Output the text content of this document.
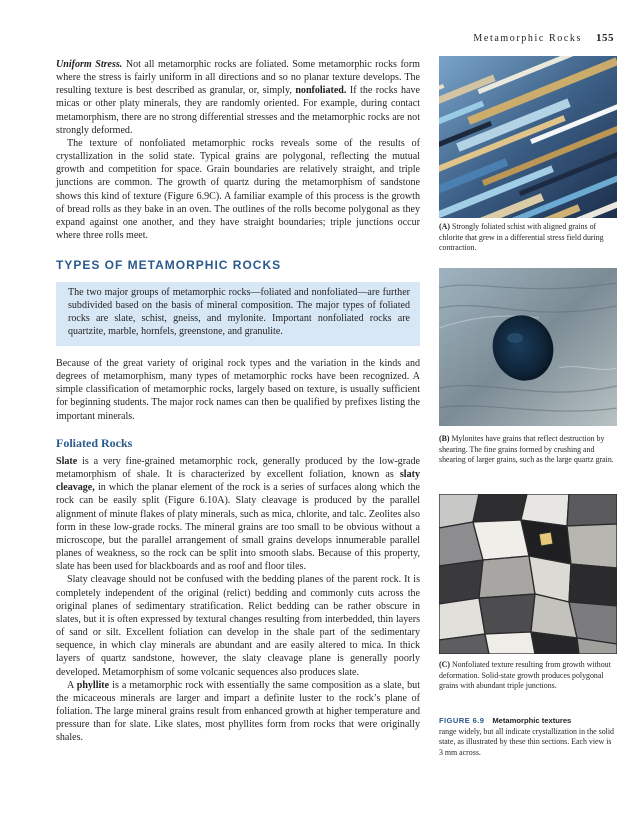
Metamorphic Rocks 155

Uniform Stress. Not all metamorphic rocks are foliated. Some metamorphic rocks form where the stress is fairly uniform in all directions and so no planar texture develops. The resulting texture is best described as granular, or, simply, nonfoliated. If the rocks have micas or other platy minerals, they are randomly oriented. For example, during contact metamorphism, there are no strong differential stresses and the metamorphic rocks are not strongly deformed.

The texture of nonfoliated metamorphic rocks reveals some of the results of crystallization in the solid state. Typical grains are polygonal, reflecting the mutual growth and competition for space. Grain boundaries are relatively straight, and triple junctions are common. The growth of quartz during the metamorphism of sandstone shows this kind of texture (Figure 6.9C). A familiar example of this process is the growth of bread rolls as they bake in an oven. The outlines of the rolls become polygonal as they expand against one another, and they have straight boundaries; triple junctions occur where three rolls meet.

TYPES OF METAMORPHIC ROCKS
The two major groups of metamorphic rocks—foliated and nonfoliated—are further subdivided based on the basis of mineral composition. The major types of foliated rocks are slate, schist, gneiss, and mylonite. Important nonfoliated rocks are quartzite, marble, hornfels, greenstone, and granulite.
Because of the great variety of original rock types and the variation in the kinds and degrees of metamorphism, many types of metamorphic rocks have been recognized. A simple classification of metamorphic rocks, largely based on texture, is usually sufficient for beginning students. The major rock names can then be qualified by prefixes listing the important minerals.
Foliated Rocks

Slate is a very fine-grained metamorphic rock, generally produced by the low-grade metamorphism of shale. It is characterized by excellent foliation, known as slaty cleavage, in which the planar element of the rock is a series of surfaces along which the rock can be easily split (Figure 6.10A). Slaty cleavage is produced by the parallel alignment of minute flakes of platy minerals, such as mica, chlorite, and talc. Zeolites also form in these low-grade rocks. The mineral grains are too small to be obvious without a microscope, but the parallel arrangement of small grains develops innumerable parallel planes of weakness, so the rock can be split into smooth slabs. Because of this property, slate has been used for blackboards and as roof and floor tiles.

Slaty cleavage should not be confused with the bedding planes of the parent rock. It is completely independent of the original (relict) bedding and commonly cuts across the original planes of sedimentary stratification. Relict bedding can be rather obscure in slates, but it is often expressed by textural changes resulting from interbedded, thin layers of sand or silt. Excellent foliation can develop in the shale part of the sedimentary sequence, in which clay minerals are abundant and are easily altered to mica. In thick layers of quartz sandstone, however, the slaty cleavage plane is generally poorly developed. Metamorphism of some volcanic sequences also produces slate.

A phyllite is a metamorphic rock with essentially the same composition as a slate, but the micaceous minerals are larger and impart a definite luster to the rock’s plane of foliation. The large mineral grains result from enhanced growth at higher temperature and pressure than for slate. Like slates, most phyllites form from rocks that were originally shales.

(A) Strongly foliated schist with aligned grains of chlorite that grew in a differential stress field during contraction.
(B) Mylonites have grains that reflect destruction by shearing. The fine grains formed by crushing and shearing of larger grains, such as the large quartz grain.
(C) Nonfoliated texture resulting from growth without deformation. Solid-state growth produces polygonal grains with abundant triple junctions.
FIGURE 6.9 Metamorphic textures
range widely, but all indicate crystallization in the solid state, as illustrated by these thin sections. Each view is 3 mm across.
